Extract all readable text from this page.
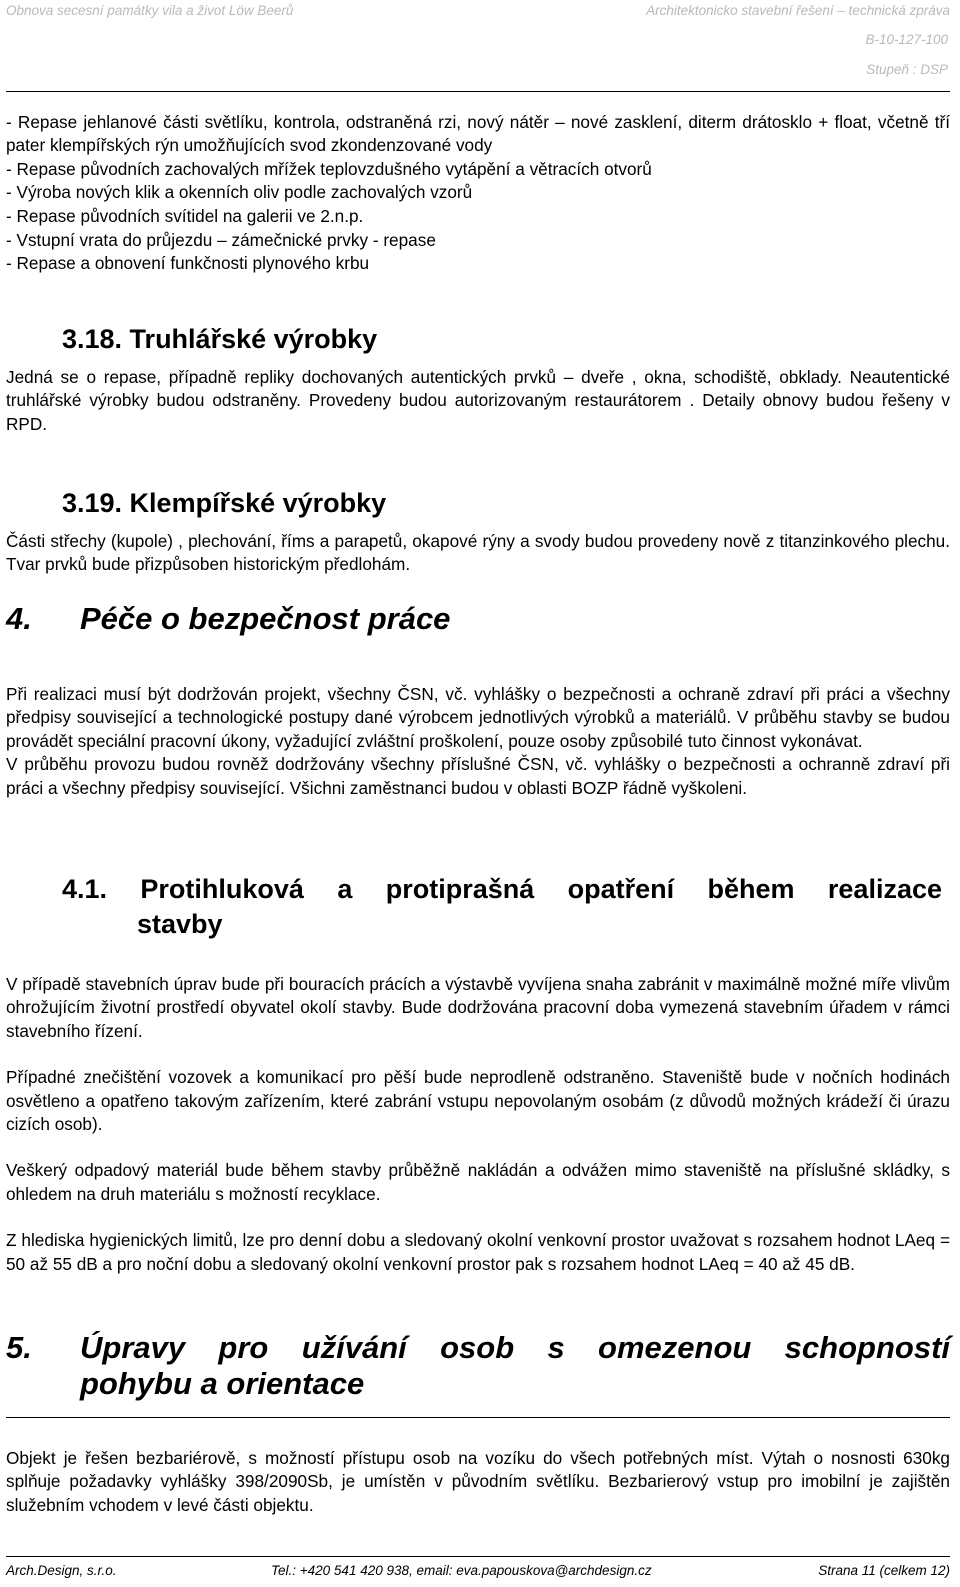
Obnova secesní památky vila a život Löw Beerů	Architektonicko stavební řešení – technická zpráva
B-10-127-100
Stupeň : DSP
- Repase jehlanové části světlíku, kontrola, odstraněná rzi, nový nátěr – nové zasklení, diterm drátosklo + float, včetně tří pater klempířských rýn umožňujících svod zkondenzované vody
- Repase původních zachovalých mřížek teplovzdušného vytápění a větracích otvorů
- Výroba nových klik a okenních oliv podle zachovalých vzorů
- Repase původních svítidel na galerii ve 2.n.p.
- Vstupní vrata do průjezdu – zámečnické prvky - repase
- Repase a obnovení funkčnosti plynového krbu
3.18. Truhlářské výrobky

Jedná se o repase, případně repliky dochovaných autentických prvků – dveře , okna, schodiště, obklady. Neautentické truhlářské výrobky budou odstraněny. Provedeny budou autorizovaným restaurátorem . Detaily obnovy budou řešeny v RPD.

3.19. Klempířské výrobky

Části střechy (kupole) , plechování, říms a parapetů, okapové rýny a svody budou provedeny nově z titanzinkového plechu. Tvar prvků bude přizpůsoben historickým předlohám.

4.	Péče o bezpečnost práce

Při realizaci musí být dodržován projekt, všechny ČSN, vč. vyhlášky o bezpečnosti a ochraně zdraví při práci a všechny předpisy související a technologické postupy dané výrobcem jednotlivých výrobků a materiálů. V průběhu stavby se budou provádět speciální pracovní úkony, vyžadující zvláštní proškolení, pouze osoby způsobilé tuto činnost vykonávat.

V průběhu provozu budou rovněž dodržovány všechny příslušné ČSN, vč. vyhlášky o bezpečnosti a ochranně zdraví při práci a všechny předpisy související. Všichni zaměstnanci budou v oblasti BOZP řádně vyškoleni.

4.1. Protihluková a protiprašná opatření během realizace
stavby

V případě stavebních úprav bude při bouracích prácích a výstavbě vyvíjena snaha zabránit v maximálně možné míře vlivům ohrožujícím životní prostředí obyvatel okolí stavby. Bude dodržována pracovní doba vymezená stavebním úřadem v rámci stavebního řízení.

Případné znečištění vozovek a komunikací pro pěší bude neprodleně odstraněno. Staveniště bude v nočních hodinách osvětleno a opatřeno takovým zařízením, které zabrání vstupu nepovolaným osobám (z důvodů možných krádeží či úrazu cizích osob).

Veškerý odpadový materiál bude během stavby průběžně nakládán a odvážen mimo staveniště na příslušné skládky, s ohledem na druh materiálu s možností recyklace.

Z hlediska hygienických limitů, lze pro denní dobu a sledovaný okolní venkovní prostor uvažovat s rozsahem hodnot LAeq = 50 až 55 dB a pro noční dobu a sledovaný okolní venkovní prostor pak s rozsahem hodnot LAeq = 40 až 45 dB.

5.	Úpravy pro užívání osob s omezenou schopností
pohybu a orientace

Objekt je řešen bezbariérově, s možností přístupu osob na vozíku do všech potřebných míst. Výtah o nosnosti 630kg splňuje požadavky vyhlášky 398/2090Sb, je umístěn v původním světlíku. Bezbarierový vstup pro imobilní je zajištěn služebním vchodem v levé části objektu.

Arch.Design, s.r.o.	Tel.: +420 541 420 938, email: eva.papouskova@archdesign.cz	Strana 11 (celkem 12)
